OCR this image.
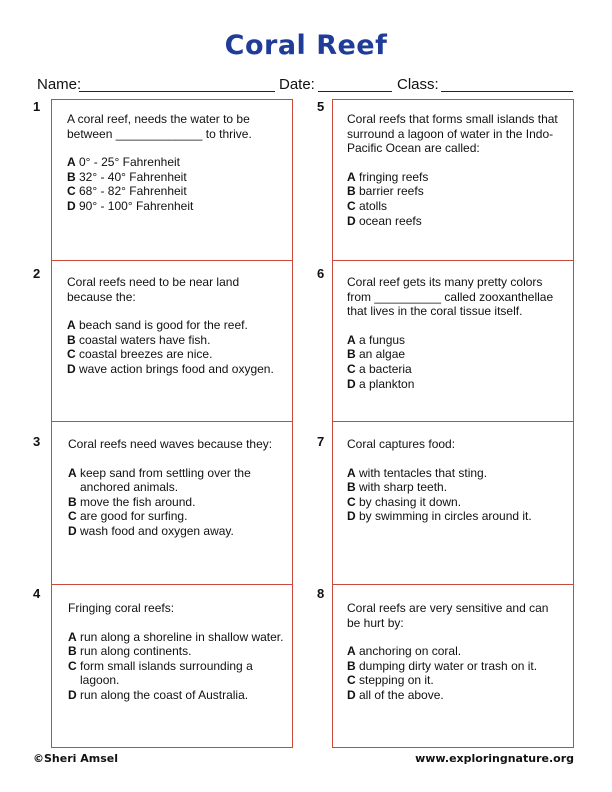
Coral Reef
Name:	Date:	Class:
1
2
3
4
5
6
7
8
A coral reef, needs the water to be between _____________ to thrive.
A 0° - 25° Fahrenheit
B 32° - 40° Fahrenheit
C 68° - 82° Fahrenheit
D 90° - 100° Fahrenheit
Coral reefs need to be near land because the:
A beach sand is good for the reef.
B coastal waters have fish.
C coastal breezes are nice.
D wave action brings food and oxygen.
Coral reefs need waves because they:
A keep sand from settling over the anchored animals.
B move the fish around.
C are good for surfing.
D wash food and oxygen away.
Fringing coral reefs:
A run along a shoreline in shallow water.
B run along continents.
C form small islands surrounding a lagoon.
D run along the coast of Australia.
Coral reefs that forms small islands that surround a lagoon of water in the Indo-Pacific Ocean are called:
A fringing reefs
B barrier reefs
C atolls
D ocean reefs
Coral reef gets its many pretty colors from __________ called zooxanthellae that lives in the coral tissue itself.
A a fungus
B an algae
C a bacteria
D a plankton
Coral captures food:
A with tentacles that sting.
B with sharp teeth.
C by chasing it down.
D by swimming in circles around it.
Coral reefs are very sensitive and can be hurt by:
A anchoring on coral.
B dumping dirty water or trash on it.
C stepping on it.
D all of the above.
©Sheri Amsel	www.exploringnature.org
